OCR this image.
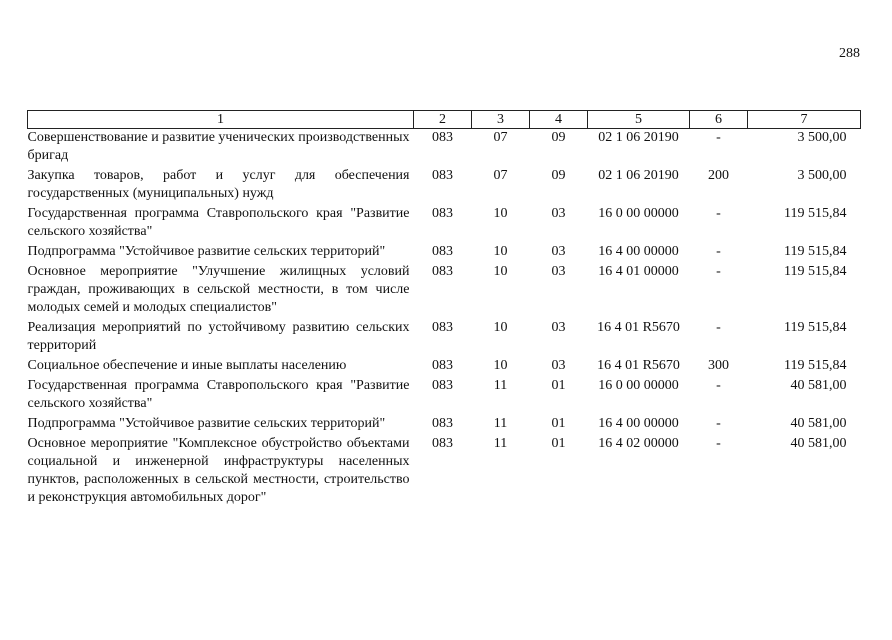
288
1	2	3	4	5	6	7
Совершенствование и развитие ученических производственных бригад	083	07	09	02 1 06 20190	-	3 500,00
Закупка товаров, работ и услуг для обеспечения государственных (муниципальных) нужд	083	07	09	02 1 06 20190	200	3 500,00
Государственная программа Ставропольского края "Развитие сельского хозяйства"	083	10	03	16 0 00 00000	-	119 515,84
Подпрограмма "Устойчивое развитие сельских территорий"	083	10	03	16 4 00 00000	-	119 515,84
Основное мероприятие "Улучшение жилищных условий граждан, проживающих в сельской местности, в том числе молодых семей и молодых специалистов"	083	10	03	16 4 01 00000	-	119 515,84
Реализация мероприятий по устойчивому развитию сельских территорий	083	10	03	16 4 01 R5670	-	119 515,84
Социальное обеспечение и иные выплаты населению	083	10	03	16 4 01 R5670	300	119 515,84
Государственная программа Ставропольского края "Развитие сельского хозяйства"	083	11	01	16 0 00 00000	-	40 581,00
Подпрограмма "Устойчивое развитие сельских территорий"	083	11	01	16 4 00 00000	-	40 581,00
Основное мероприятие "Комплексное обустройство объектами социальной и инженерной инфраструктуры населенных пунктов, расположенных в сельской местности, строительство и реконструкция автомобильных дорог"	083	11	01	16 4 02 00000	-	40 581,00
